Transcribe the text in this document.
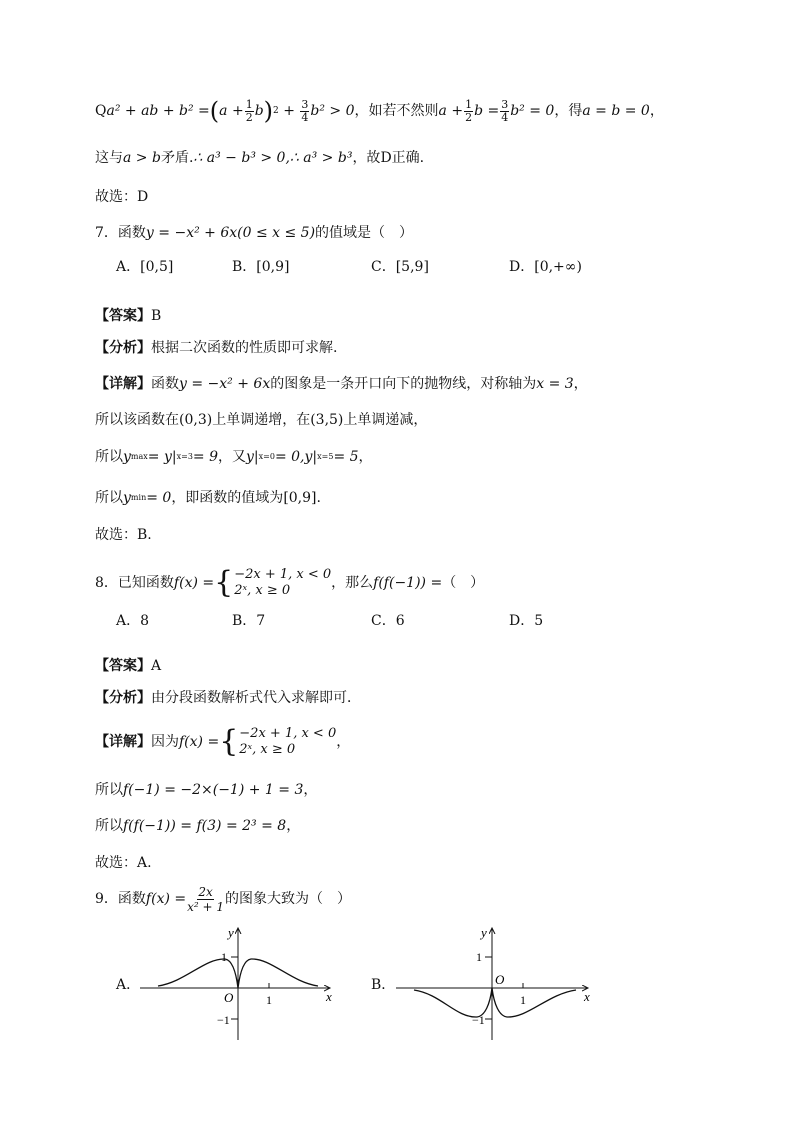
Q a² + ab + b² = ( $a + \frac{1}{2}$ b ) $2 + \frac{3}{4} b^2 > 0$ ，如若不然则 $a + \frac{1}{2}$ $b = \frac{3}{4} b^2 = 0$ ，得 a = b = 0 ，
这与 a > b 矛盾. ∴ a³ − b³ > 0,∴ a³ > b³ ，故 D 正确.
故选：D
7．函数 y = −x² + 6x (0 ≤ x ≤ 5) 的值域是（　）
A．[0,5]	B．[0,9]	C．[5,9]	D．[0,+∞)
【答案】 B
【分析】 根据二次函数的性质即可求解.
【详解】 函数 y = −x² + 6x 的图象是一条开口向下的抛物线，对称轴为 x = 3 ，
所以该函数在 (0,3) 上单调递增，在 (3,5) 上单调递减，
所以 y max = y| x=3 = 9 ，又 y| x=0 = 0,y| x=5 = 5 ，
所以 y min = 0 ，即函数的值域为 [0,9] .
故选：B.
8．已知函数 f(x) = { −2x + 1, x < 0
2ˣ, x ≥ 0	，那么 f(f(−1)) = （　）
A．8	B．7	C．6	D．5
【答案】 A
【分析】 由分段函数解析式代入求解即可．
【详解】 因为 f(x) = { −2x + 1, x < 0
2ˣ, x ≥ 0	，
所以 f(−1) = −2×(−1) + 1 = 3 ，
所以 f(f(−1)) = f(3) = 2³ = 8 ，
故选：A.
9．函数 $f(x) = \frac{2x}{\text{x² + 1}}$ 的图象大致为（　）
A．
y
x
O	1
1
−1
B．
y
x
O
1
1
−1
